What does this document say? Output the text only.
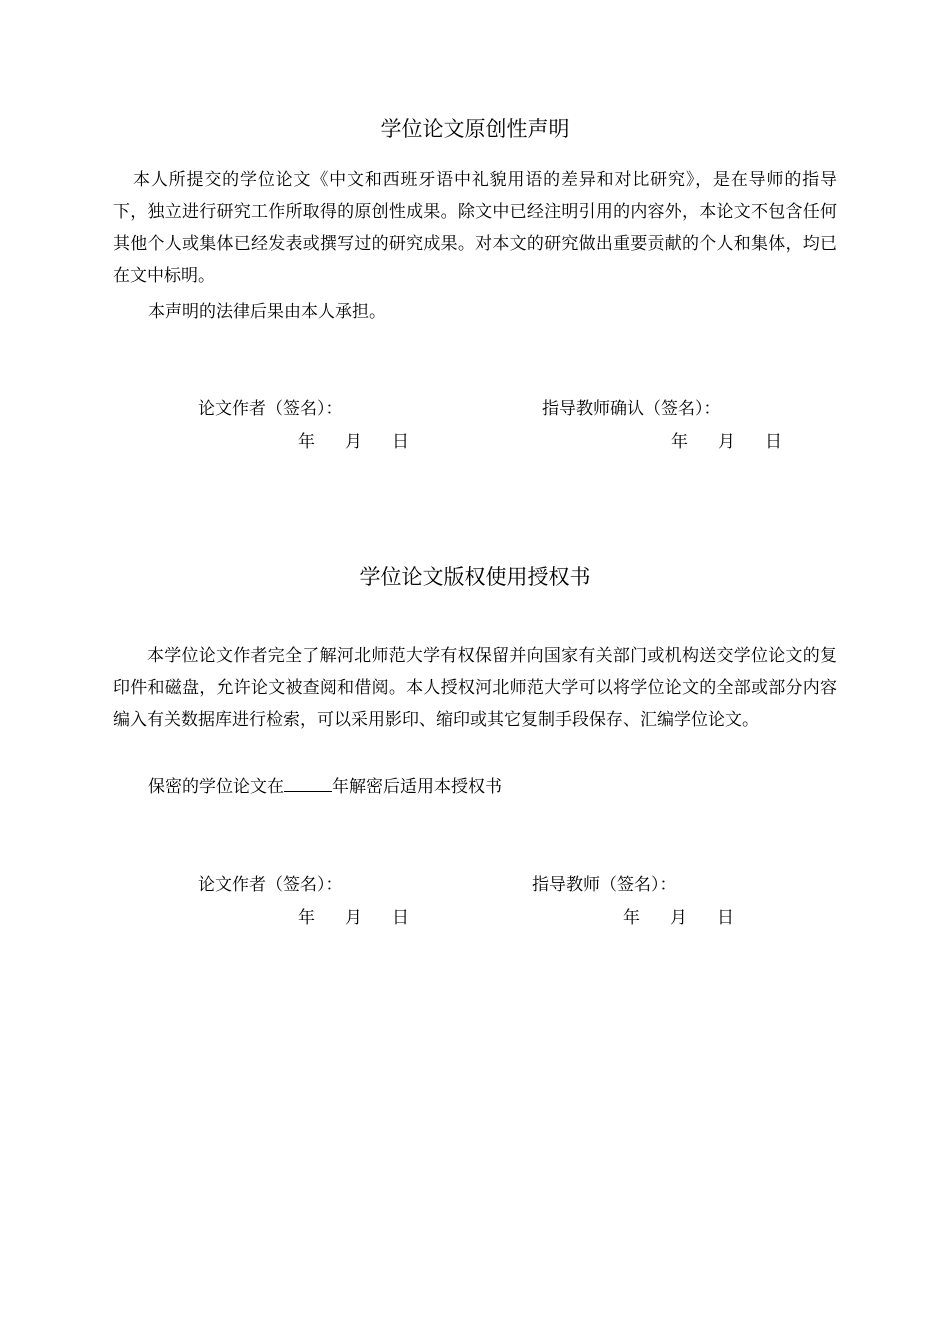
学位论文原创性声明

本人所提交的学位论文《中文和西班牙语中礼貌用语的差异和对比研究》，是在导师的指导下，独立进行研究工作所取得的原创性成果。除文中已经注明引用的内容外，本论文不包含任何其他个人或集体已经发表或撰写过的研究成果。对本文的研究做出重要贡献的个人和集体，均已在文中标明。

本声明的法律后果由本人承担。
论文作者（签名）：	指导教师确认（签名）：
年 月 日	年 月 日
学位论文版权使用授权书

本学位论文作者完全了解河北师范大学有权保留并向国家有关部门或机构送交学位论文的复印件和磁盘，允许论文被查阅和借阅。本人授权河北师范大学可以将学位论文的全部或部分内容编入有关数据库进行检索，可以采用影印、缩印或其它复制手段保存、汇编学位论文。

保密的学位论文在	年解密后适用本授权书
论文作者（签名）：	指导教师（签名）：
年 月 日	年 月 日
